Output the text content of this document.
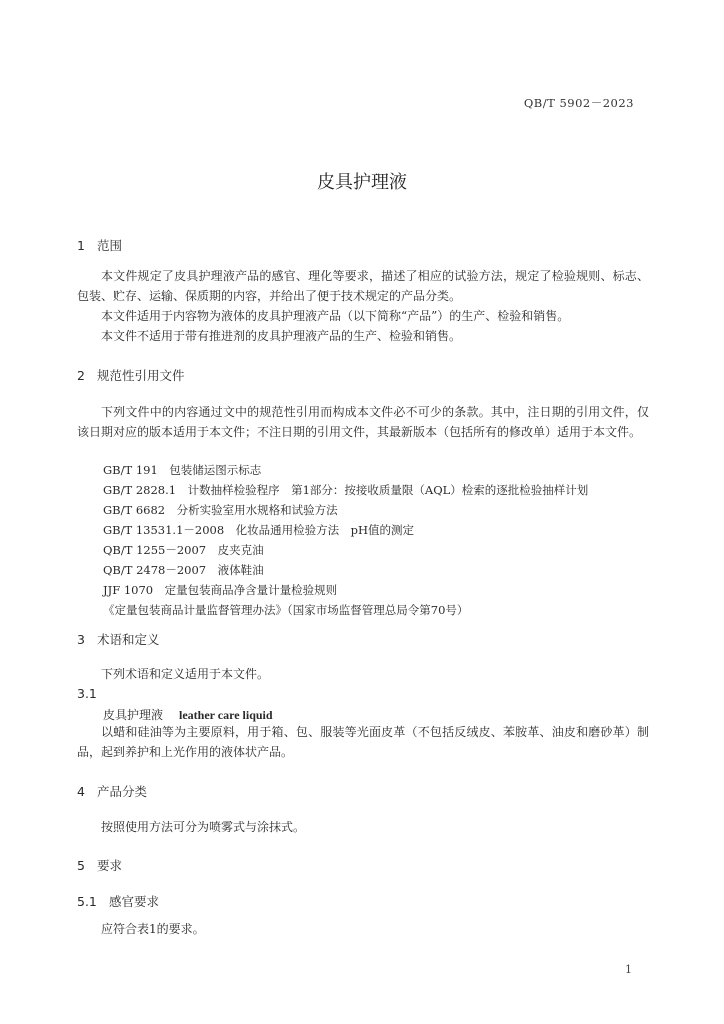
QB/T 5902－2023
皮具护理液
1 范围
本文件规定了皮具护理液产品的感官、理化等要求，描述了相应的试验方法，规定了检验规则、标志、包装、贮存、运输、保质期的内容，并给出了便于技术规定的产品分类。
本文件适用于内容物为液体的皮具护理液产品（以下简称“产品”）的生产、检验和销售。
本文件不适用于带有推进剂的皮具护理液产品的生产、检验和销售。
2 规范性引用文件
下列文件中的内容通过文中的规范性引用而构成本文件必不可少的条款。其中，注日期的引用文件，仅该日期对应的版本适用于本文件；不注日期的引用文件，其最新版本（包括所有的修改单）适用于本文件。
GB/T 191　包装储运图示标志
GB/T 2828.1　计数抽样检验程序　第1部分：按接收质量限（AQL）检索的逐批检验抽样计划
GB/T 6682　分析实验室用水规格和试验方法
GB/T 13531.1－2008　化妆品通用检验方法　pH值的测定
QB/T 1255－2007　皮夹克油
QB/T 2478－2007　液体鞋油
JJF 1070　定量包装商品净含量计量检验规则
《定量包装商品计量监督管理办法》（国家市场监督管理总局令第70号）
3 术语和定义
下列术语和定义适用于本文件。
3.1
皮具护理液 leather care liquid
以蜡和硅油等为主要原料，用于箱、包、服装等光面皮革（不包括反绒皮、苯胺革、油皮和磨砂革）制品，起到养护和上光作用的液体状产品。
4 产品分类
按照使用方法可分为喷雾式与涂抹式。
5 要求
5.1 感官要求
应符合表1的要求。
1
